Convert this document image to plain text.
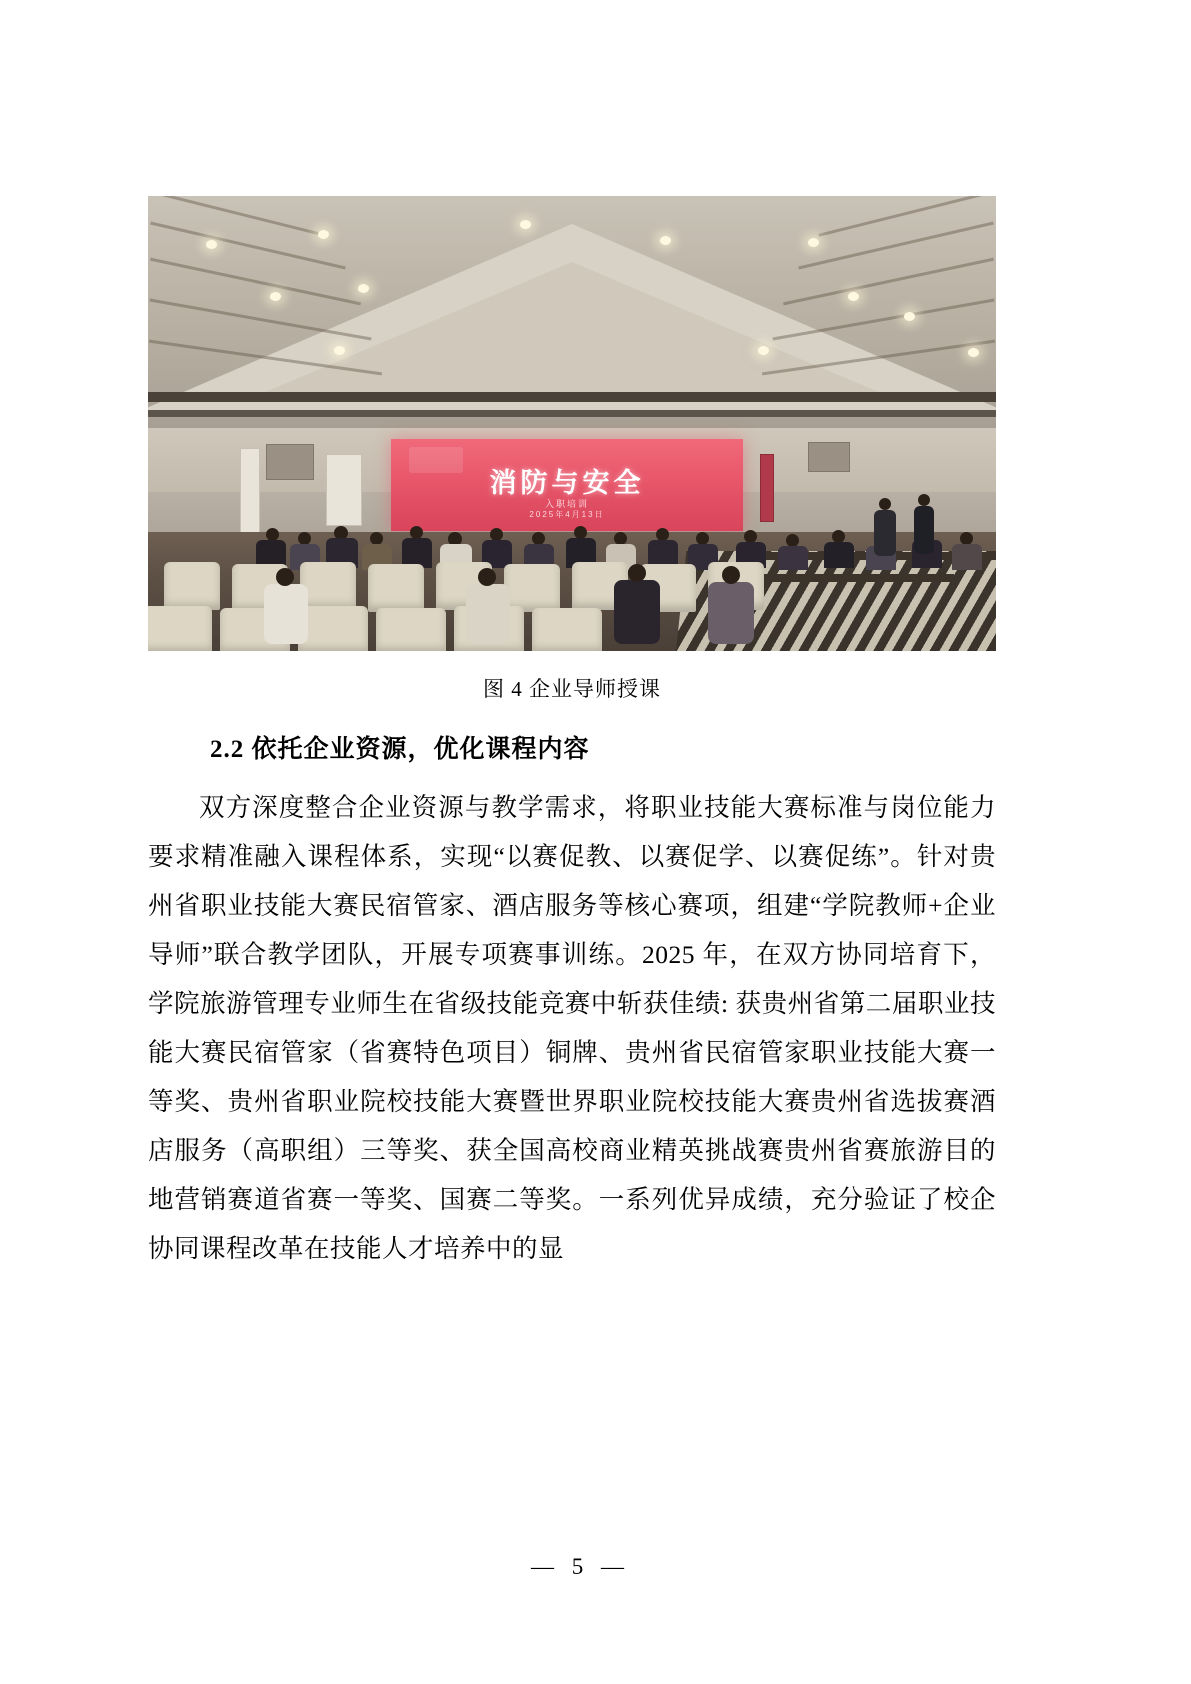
消防与安全
入职培训
2025年4月13日
图 4 企业导师授课
2.2 依托企业资源，优化课程内容
双方深度整合企业资源与教学需求，将职业技能大赛标准与岗位能力要求精准融入课程体系，实现“以赛促教、以赛促学、以赛促练”。针对贵州省职业技能大赛民宿管家、酒店服务等核心赛项，组建“学院教师+企业导师”联合教学团队，开展专项赛事训练。2025 年，在双方协同培育下，学院旅游管理专业师生在省级技能竞赛中斩获佳绩: 获贵州省第二届职业技能大赛民宿管家（省赛特色项目）铜牌、贵州省民宿管家职业技能大赛一等奖、贵州省职业院校技能大赛暨世界职业院校技能大赛贵州省选拔赛酒店服务（高职组）三等奖、获全国高校商业精英挑战赛贵州省赛旅游目的地营销赛道省赛一等奖、国赛二等奖。一系列优异成绩，充分验证了校企协同课程改革在技能人才培养中的显
— 5 —
